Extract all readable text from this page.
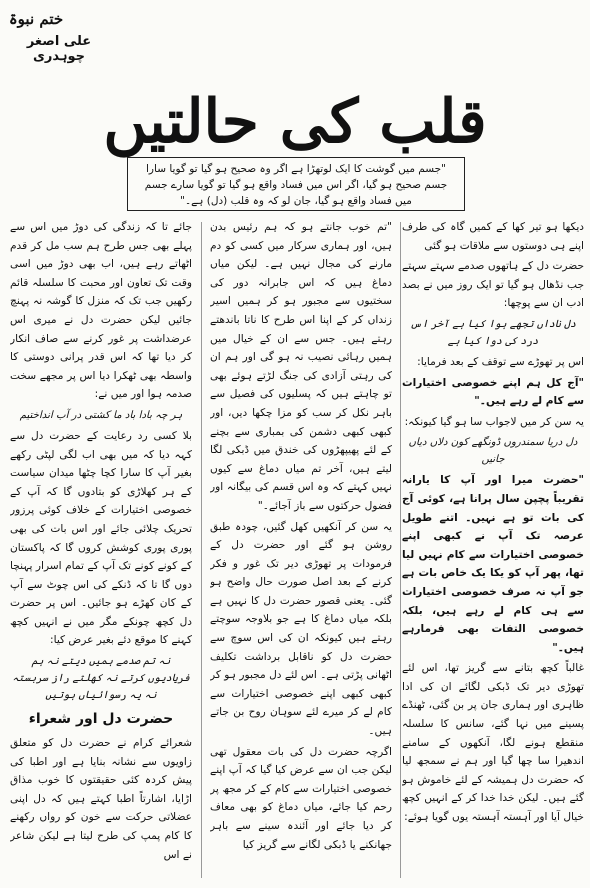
ختم نبوۃ
علی اصغر چوہدری
قلب کی حالتیں
"جسم میں گوشت کا ایک لوتھڑا ہے اگر وہ صحیح ہو گیا تو گویا سارا جسم صحیح ہو گیا، اگر اس میں فساد واقع ہو گیا تو گویا سارے جسم میں فساد واقع ہو گیا، جان لو کہ وہ قلب (دل) ہے۔"

دیکھا ہو تیر کھا کے کمیں گاہ کی طرف اپنے ہی دوستوں سے ملاقات ہو گئی

حضرت دل کے ہاتھوں صدمے سہتے سہتے جب نڈھال ہو گیا تو ایک روز میں نے بصد ادب ان سے پوچھا:

دل ناداں تجھے ہوا کیا ہے آخر اس درد کی دوا کیا ہے

اس پر تھوڑے سے توقف کے بعد فرمایا:

"آج کل ہم اپنے خصوصی اختیارات سے کام لے رہے ہیں۔"

یہ سن کر میں لاجواب سا ہو گیا کیونکہ:

دل دریا سمندروں ڈونگھے کون دلاں دیاں جانیں

"حضرت میرا اور آپ کا یارانہ تقریباً پچپن سال پرانا ہے، کوئی آج کی بات تو ہے نہیں۔ اتنے طویل عرصہ تک آپ نے کبھی اپنے خصوصی اختیارات سے کام نہیں لیا تھا، پھر آپ کو یکا یک خاص بات ہے جو آپ نہ صرف خصوصی اختیارات سے ہی کام لے رہے ہیں، بلکہ خصوصی التفات بھی فرمارہے ہیں۔"

غالباً کچھ بتانے سے گریز تھا، اس لئے تھوڑی دیر تک ڈبکی لگائے ان کی ادا ظاہری اور ہماری جان پر بن گئی، ٹھنڈے پسینے میں نہا گئے، سانس کا سلسلہ منقطع ہونے لگا، آنکھوں کے سامنے اندھیرا سا چھا گیا اور ہم نے سمجھ لیا کہ حضرت دل ہمیشہ کے لئے خاموش ہو گئے ہیں۔ لیکن خدا خدا کر کے انہیں کچھ خیال آیا اور آہستہ آہستہ یوں گویا ہوئے:

"تم خوب جانتے ہو کہ ہم رئیس بدن ہیں، اور ہماری سرکار میں کسی کو دم مارنے کی مجال نہیں ہے۔ لیکن میاں دماغ ہیں کہ اس جابرانہ دور کی سختیوں سے مجبور ہو کر ہمیں اسیر زنداں کر کے اپنا اس طرح کا ناتا باندھتے رہتے ہیں۔ جس سے ان کے خیال میں ہمیں رہائی نصیب نہ ہو گی اور ہم ان کی رہتی آزادی کی جنگ لڑتے ہوئے بھی تو چاہتے ہیں کہ پسلیوں کی فصیل سے باہر نکل کر سب کو مزا چکھا دیں، اور کبھی کبھی دشمن کی بمباری سے بچنے کے لئے پھیپھڑوں کی خندق میں ڈبکی لگا لیتے ہیں، آخر تم میاں دماغ سے کیوں نہیں کہتے کہ وہ اس قسم کی بیگانہ اور فضول حرکتوں سے باز آجائے۔"

یہ سن کر آنکھیں کھل گئیں، چودہ طبق روشن ہو گئے اور حضرت دل کے فرمودات پر تھوڑی دیر تک غور و فکر کرنے کے بعد اصل صورت حال واضح ہو گئی۔ یعنی قصور حضرت دل کا نہیں ہے بلکہ میاں دماغ کا ہے جو بلاوجہ سوچتے رہتے ہیں کیونکہ ان کی اس سوچ سے حضرت دل کو ناقابل برداشت تکلیف اٹھانی پڑتی ہے۔ اس لئے دل مجبور ہو کر کبھی کبھی اپنے خصوصی اختیارات سے کام لے کر میرے لئے سوہان روح بن جاتے ہیں۔

اگرچہ حضرت دل کی بات معقول تھی لیکن جب ان سے عرض کیا گیا کہ آپ اپنے خصوصی اختیارات سے کام کے کر مجھ پر رحم کیا جائے، میاں دماغ کو بھی معاف کر دیا جائے اور آئندہ سینے سے باہر جھانکنے یا ڈبکی لگانے سے گریز کیا

جائے تا کہ زندگی کی دوڑ میں اس سے پہلے بھی جس طرح ہم سب مل کر قدم اٹھاتے رہے ہیں، اب بھی دوڑ میں اسی وقت تک تعاون اور محبت کا سلسلہ قائم رکھیں جب تک کہ منزل کا گوشہ نہ پہنچ جائیں لیکن حضرت دل نے میری اس عرضداشت پر غور کرنے سے صاف انکار کر دیا تھا کہ اس قدر پرانی دوستی کا واسطہ بھی ٹھکرا دیا اس پر مجھے سخت صدمہ ہوا اور میں نے:

ہر چہ بادا باد ما کشتی در آب انداختیم

بلا کسی رد رعایت کے حضرت دل سے کہہ دیا کہ میں بھی اب لگی لپٹی رکھے بغیر آپ کا سارا کچا چٹھا میدان سیاست کے ہر کھلاڑی کو بتادوں گا کہ آپ کے خصوصی اختیارات کے خلاف کوئی پرزور تحریک چلائی جائے اور اس بات کی بھی پوری پوری کوشش کروں گا کہ پاکستان کے کونے کونے تک آپ کے تمام اسرار پہنچا دوں گا تا کہ ڈنکے کی اس چوٹ سے آپ کے کان کھڑے ہو جائیں۔ اس پر حضرت دل کچھ چونکے مگر میں نے انہیں کچھ کہنے کا موقع دئے بغیر عرض کیا:

نہ تم صدمے ہمیں دیتے نہ ہم فریادیوں کرتے نہ کھلتے راز سربستہ نہ یہ رسوائیاں ہوتیں

حضرت دل اور شعراء

شعرائے کرام نے حضرت دل کو متعلق زاویوں سے نشانہ بنایا ہے اور اطبا کی پیش کردہ کئی حقیقتوں کا خوب مذاق اڑایا، اشارتاً اطبا کہتے ہیں کہ دل اپنی عضلاتی حرکت سے خون کو رواں رکھنے کا کام پمپ کی طرح لیتا ہے لیکن شاعر نے اس
